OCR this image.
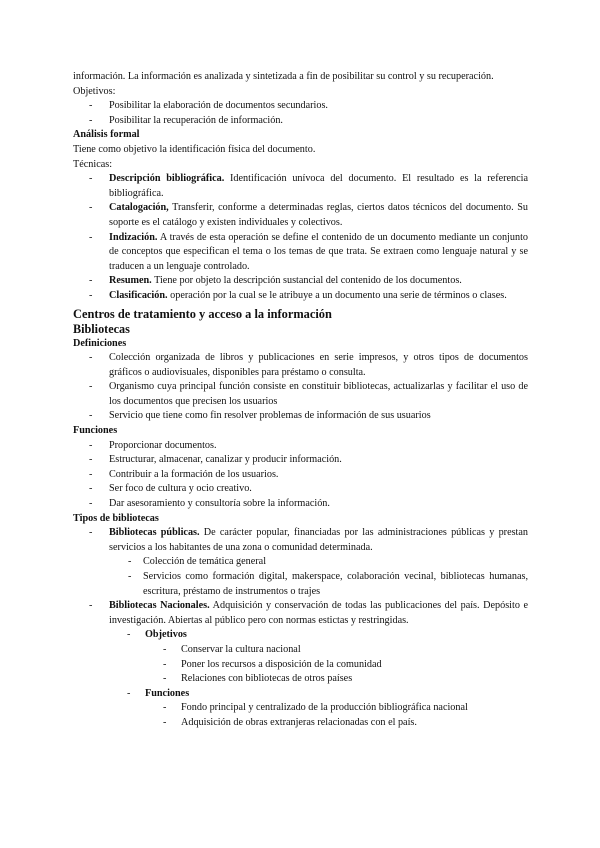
información. La información es analizada y sintetizada a fin de posibilitar su control y su recuperación.

Objetivos:

- Posibilitar la elaboración de documentos secundarios.
- Posibilitar la recuperación de información.

Análisis formal

Tiene como objetivo la identificación física del documento.

Técnicas:

- Descripción bibliográfica. Identificación unívoca del documento. El resultado es la referencia bibliográfica.
- Catalogación, Transferir, conforme a determinadas reglas, ciertos datos técnicos del documento. Su soporte es el catálogo y existen individuales y colectivos.
- Indización. A través de esta operación se define el contenido de un documento mediante un conjunto de conceptos que especifican el tema o los temas de que trata. Se extraen como lenguaje natural y se traducen a un lenguaje controlado.
- Resumen. Tiene por objeto la descripción sustancial del contenido de los documentos.
- Clasificación. operación por la cual se le atribuye a un documento una serie de términos o clases.

Centros de tratamiento y acceso a la información

Bibliotecas

Definiciones

- Colección organizada de libros y publicaciones en serie impresos, y otros tipos de documentos gráficos o audiovisuales, disponibles para préstamo o consulta.
- Organismo cuya principal función consiste en constituir bibliotecas, actualizarlas y facilitar el uso de los documentos que precisen los usuarios
- Servicio que tiene como fin resolver problemas de información de sus usuarios

Funciones

- Proporcionar documentos.
- Estructurar, almacenar, canalizar y producir información.
- Contribuir a la formación de los usuarios.
- Ser foco de cultura y ocio creativo.
- Dar asesoramiento y consultoría sobre la información.

Tipos de bibliotecas

- Bibliotecas públicas. De carácter popular, financiadas por las administraciones públicas y prestan servicios a los habitantes de una zona o comunidad determinada.
- Colección de temática general
- Servicios como formación digital, makerspace, colaboración vecinal, bibliotecas humanas, escritura, préstamo de instrumentos o trajes
- Bibliotecas Nacionales. Adquisición y conservación de todas las publicaciones del país. Depósito e investigación. Abiertas al público pero con normas estictas y restringidas.
- Objetivos
- Conservar la cultura nacional
- Poner los recursos a disposición de la comunidad
- Relaciones con bibliotecas de otros países
- Funciones
- Fondo principal y centralizado de la producción bibliográfica nacional
- Adquisición de obras extranjeras relacionadas con el país.
